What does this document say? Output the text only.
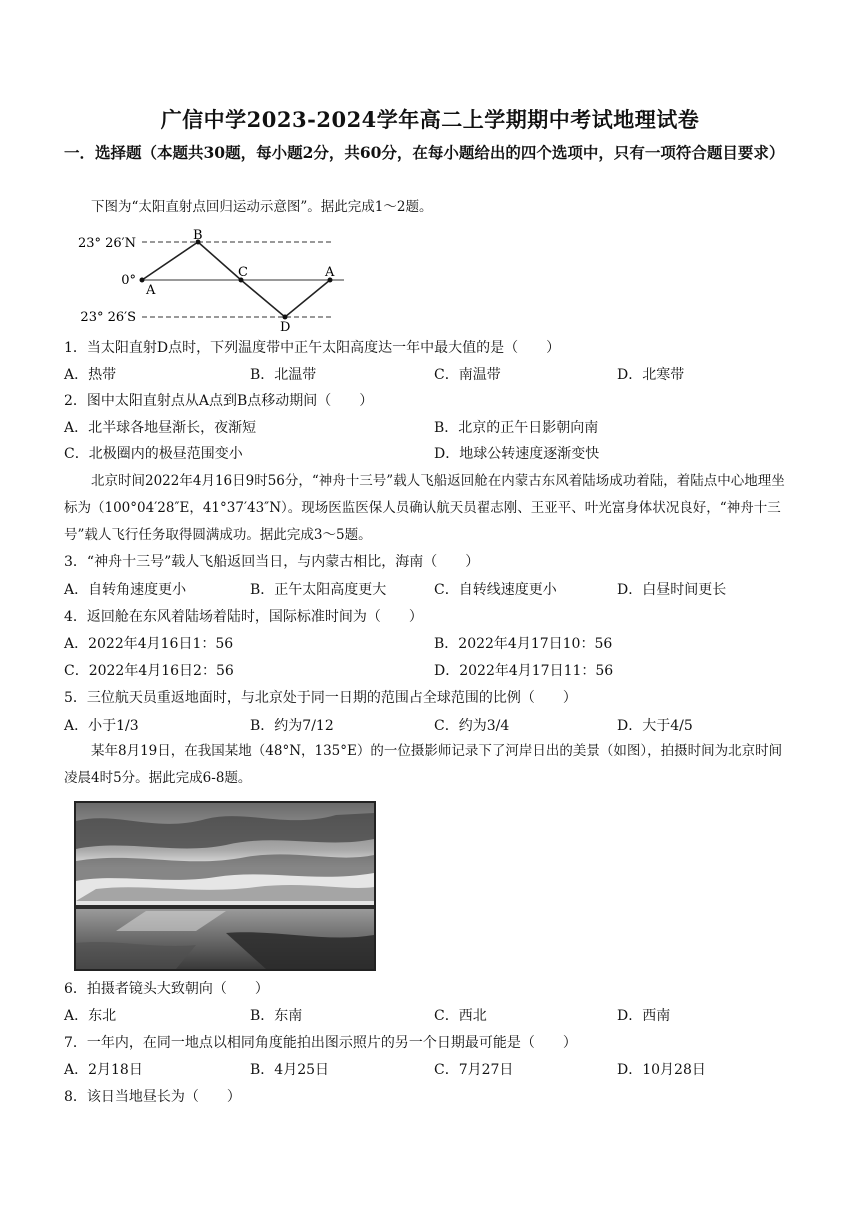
广信中学2023-2024学年高二上学期期中考试地理试卷
一．选择题（本题共30题，每小题2分，共60分，在每小题给出的四个选项中，只有一项符合题目要求）
下图为“太阳直射点回归运动示意图”。据此完成1～2题。
23° 26′N
0°
23° 26′S
A
B
C
D
A
1．当太阳直射D点时，下列温度带中正午太阳高度达一年中最大值的是（　　）
A．热带	B．北温带	C．南温带	D．北寒带
2．图中太阳直射点从A点到B点移动期间（　　）
A．北半球各地昼渐长，夜渐短	B．北京的正午日影朝向南
C．北极圈内的极昼范围变小	D．地球公转速度逐渐变快
北京时间2022年4月16日9时56分，“神舟十三号”载人飞船返回舱在内蒙古东风着陆场成功着陆，着陆点中心地理坐标为（100°04′28″E，41°37′43″N）。现场医监医保人员确认航天员翟志刚、王亚平、叶光富身体状况良好，“神舟十三号”载人飞行任务取得圆满成功。据此完成3～5题。
3．“神舟十三号”载人飞船返回当日，与内蒙古相比，海南（　　）
A．自转角速度更小	B．正午太阳高度更大	C．自转线速度更小	D．白昼时间更长
4．返回舱在东风着陆场着陆时，国际标准时间为（　　）
A．2022年4月16日1：56	B．2022年4月17日10：56
C．2022年4月16日2：56	D．2022年4月17日11：56
5．三位航天员重返地面时，与北京处于同一日期的范围占全球范围的比例（　　）
A．小于1/3	B．约为7/12	C．约为3/4	D．大于4/5
某年8月19日，在我国某地（48°N，135°E）的一位摄影师记录下了河岸日出的美景（如图），拍摄时间为北京时间凌晨4时5分。据此完成6-8题。
6．拍摄者镜头大致朝向（　　）
A．东北	B．东南	C．西北	D．西南
7．一年内，在同一地点以相同角度能拍出图示照片的另一个日期最可能是（　　）
A．2月18日	B．4月25日	C．7月27日	D．10月28日
8．该日当地昼长为（　　）
